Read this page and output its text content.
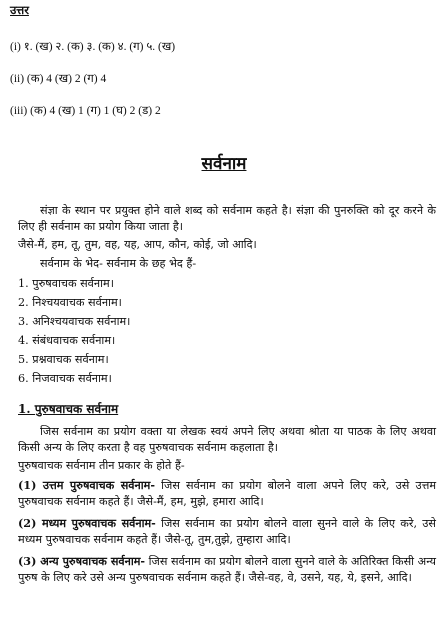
उत्तर
(i) १. (ख) २. (क) ३. (क) ४. (ग) ५. (ख)
(ii) (क) 4 (ख) 2 (ग) 4
(iii) (क) 4 (ख) 1 (ग) 1 (घ) 2 (ड) 2
सर्वनाम
संज्ञा के स्थान पर प्रयुक्त होने वाले शब्द को सर्वनाम कहते है। संज्ञा की पुनरुक्ति को दूर करने के लिए ही सर्वनाम का प्रयोग किया जाता है।
जैसे-मैं, हम, तू, तुम, वह, यह, आप, कौन, कोई, जो आदि।
सर्वनाम के भेद- सर्वनाम के छह भेद हैं-
1. पुरुषवाचक सर्वनाम।
2. निश्चयवाचक सर्वनाम।
3. अनिश्चयवाचक सर्वनाम।
4. संबंधवाचक सर्वनाम।
5. प्रश्नवाचक सर्वनाम।
6. निजवाचक सर्वनाम।
1. पुरुषवाचक सर्वनाम
जिस सर्वनाम का प्रयोग वक्ता या लेखक स्वयं अपने लिए अथवा श्रोता या पाठक के लिए अथवा किसी अन्य के लिए करता है वह पुरुषवाचक सर्वनाम कहलाता है।
पुरुषवाचक सर्वनाम तीन प्रकार के होते हैं-
(1) उत्तम पुरुषवाचक सर्वनाम- जिस सर्वनाम का प्रयोग बोलने वाला अपने लिए करे, उसे उत्तम पुरुषवाचक सर्वनाम कहते हैं। जैसे-मैं, हम, मुझे, हमारा आदि।
(2) मध्यम पुरुषवाचक सर्वनाम- जिस सर्वनाम का प्रयोग बोलने वाला सुनने वाले के लिए करे, उसे मध्यम पुरुषवाचक सर्वनाम कहते हैं। जैसे-तू, तुम,तुझे, तुम्हारा आदि।
(3) अन्य पुरुषवाचक सर्वनाम- जिस सर्वनाम का प्रयोग बोलने वाला सुनने वाले के अतिरिक्त किसी अन्य पुरुष के लिए करे उसे अन्य पुरुषवाचक सर्वनाम कहते हैं। जैसे-वह, वे, उसने, यह, ये, इसने, आदि।
